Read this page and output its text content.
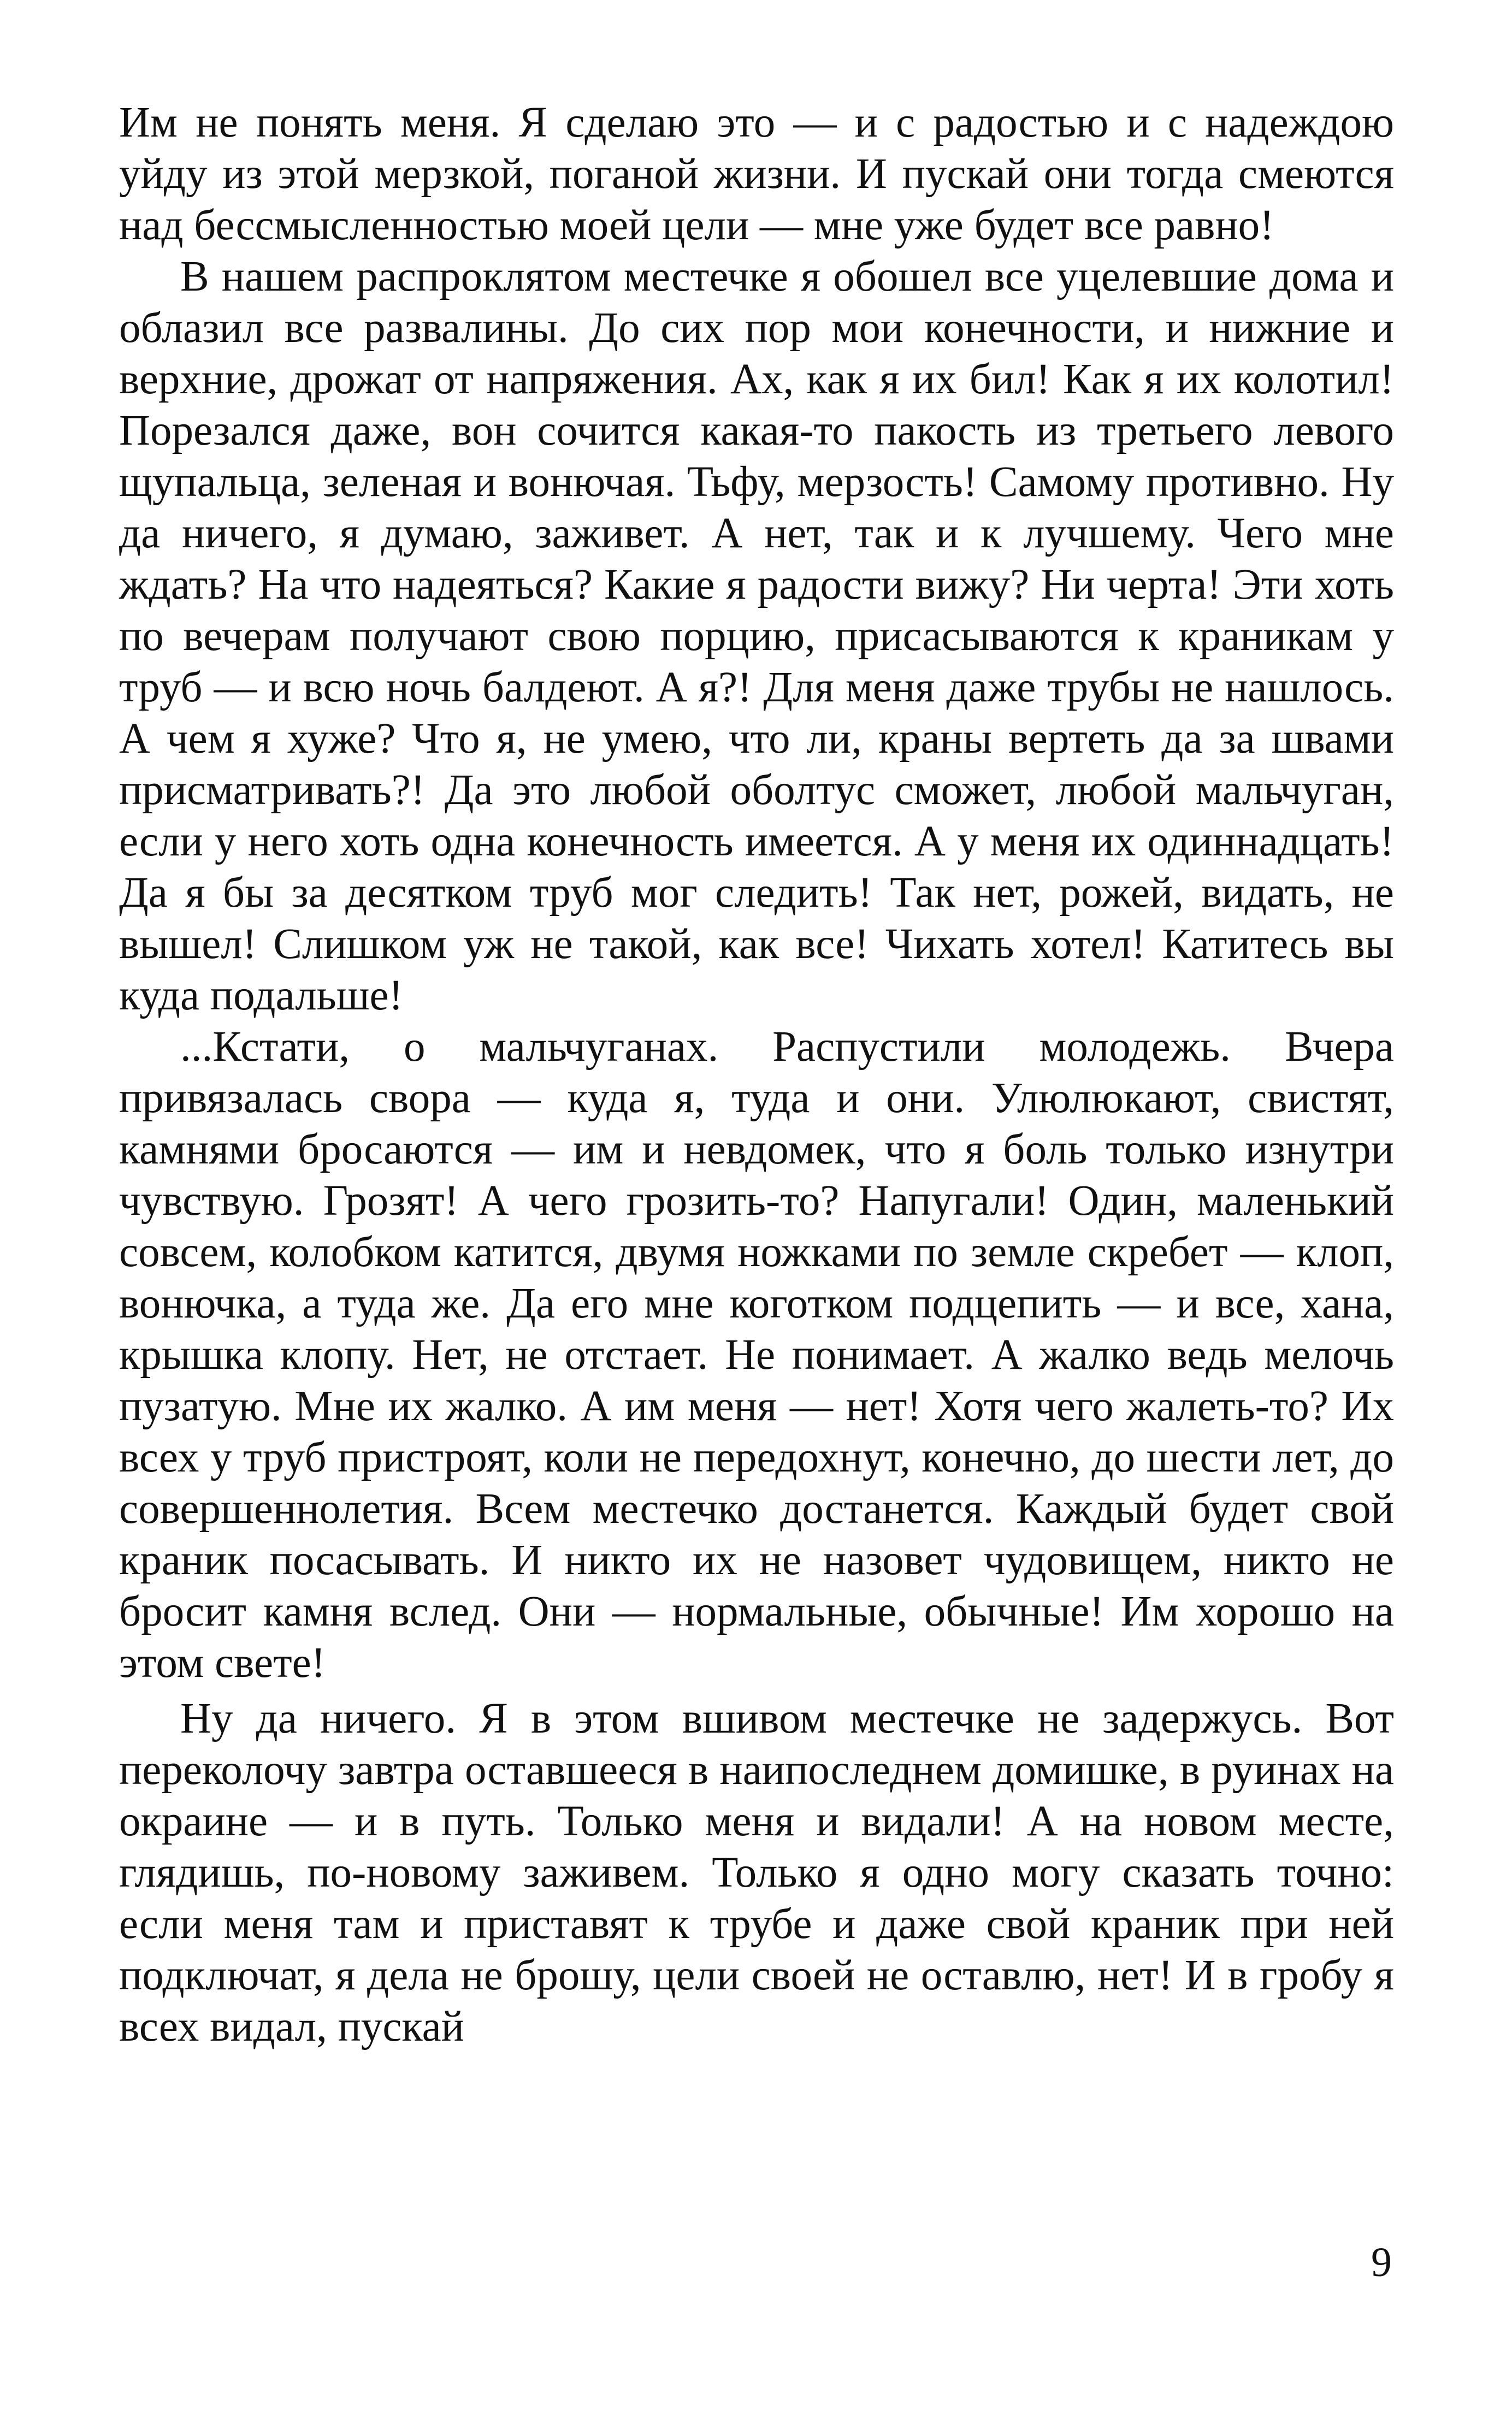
Им не понять меня. Я сделаю это — и с радостью и с надеждою уйду из этой мерзкой, поганой жизни. И пускай они тогда смеются над бессмысленностью моей цели — мне уже будет все равно!

В нашем распроклятом местечке я обошел все уцелевшие дома и облазил все развалины. До сих пор мои конечности, и нижние и верхние, дрожат от напряжения. Ах, как я их бил! Как я их колотил! Порезался даже, вон сочится какая-то пакость из третьего левого щупальца, зеленая и вонючая. Тьфу, мерзость! Самому противно. Ну да ничего, я думаю, заживет. А нет, так и к лучшему. Чего мне ждать? На что надеяться? Какие я радости вижу? Ни черта! Эти хоть по вечерам получают свою порцию, присасываются к краникам у труб — и всю ночь балдеют. А я?! Для меня даже трубы не нашлось. А чем я хуже? Что я, не умею, что ли, краны вертеть да за швами присматривать?! Да это любой оболтус сможет, любой мальчуган, если у него хоть одна конечность имеется. А у меня их одиннадцать! Да я бы за десятком труб мог следить! Так нет, рожей, видать, не вышел! Слишком уж не такой, как все! Чихать хотел! Катитесь вы куда подальше!

...Кстати, о мальчуганах. Распустили молодежь. Вчера привязалась свора — куда я, туда и они. Улюлюкают, свистят, камнями бросаются — им и невдомек, что я боль только изнутри чувствую. Грозят! А чего грозить-то? Напугали! Один, маленький совсем, колобком катится, двумя ножками по земле скребет — клоп, вонючка, а туда же. Да его мне коготком подцепить — и все, хана, крышка клопу. Нет, не отстает. Не понимает. А жалко ведь мелочь пузатую. Мне их жалко. А им меня — нет! Хотя чего жалеть-то? Их всех у труб пристроят, коли не передохнут, конечно, до шести лет, до совершеннолетия. Всем местечко достанется. Каждый будет свой краник посасывать. И никто их не назовет чудовищем, никто не бросит камня вслед. Они — нормальные, обычные! Им хорошо на этом свете!

Ну да ничего. Я в этом вшивом местечке не задержусь. Вот переколочу завтра оставшееся в наипоследнем домишке, в руинах на окраине — и в путь. Только меня и видали! А на новом месте, глядишь, по-новому заживем. Только я одно могу сказать точно: если меня там и приставят к трубе и даже свой краник при ней подключат, я дела не брошу, цели своей не оставлю, нет! И в гробу я всех видал, пускай

9
